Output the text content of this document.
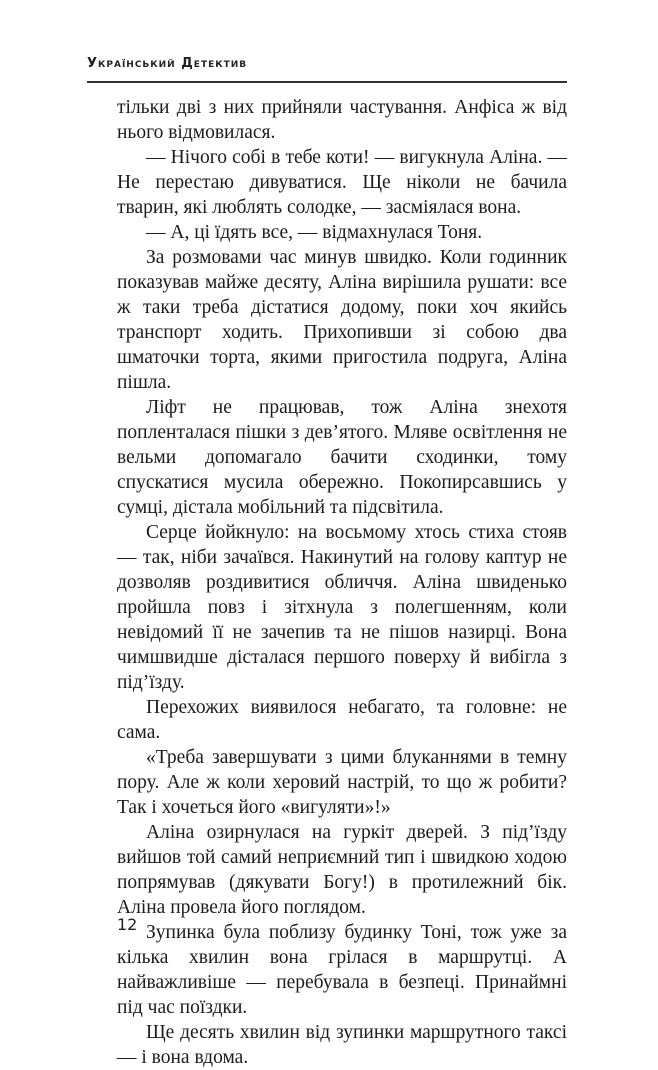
Український Детектив

тільки дві з них прийняли частування. Анфіса ж від нього відмовилася.

— Нічого собі в тебе коти! — вигукнула Аліна. — Не перестаю дивуватися. Ще ніколи не бачила тварин, які люблять солодке, — засміялася вона.

— А, ці їдять все, — відмахнулася Тоня.

За розмовами час минув швидко. Коли годинник показував майже десяту, Аліна вирішила рушати: все ж таки треба дістатися додому, поки хоч якийсь транспорт ходить. Прихопивши зі собою два шматочки торта, якими пригостила подруга, Аліна пішла.

Ліфт не працював, тож Аліна знехотя попленталася пішки з дев’ятого. Мляве освітлення не вельми допомагало бачити сходинки, тому спускатися мусила обережно. Покопирсавшись у сумці, дістала мобільний та підсвітила.

Серце йойкнуло: на восьмому хтось стиха стояв — так, ніби зачаївся. Накинутий на голову каптур не дозволяв роздивитися обличчя. Аліна швиденько пройшла повз і зітхнула з полегшенням, коли невідомий її не зачепив та не пішов назирці. Вона чимшвидше дісталася першого поверху й вибігла з під’їзду.

Перехожих виявилося небагато, та головне: не сама.

«Треба завершувати з цими блуканнями в темну пору. Але ж коли херовий настрій, то що ж робити? Так і хочеться його «вигуляти»!»

Аліна озирнулася на гуркіт дверей. З під’їзду вийшов той самий неприємний тип і швидкою ходою попрямував (дякувати Богу!) в протилежний бік. Аліна провела його поглядом.

Зупинка була поблизу будинку Тоні, тож уже за кілька хвилин вона грілася в маршрутці. А найважливіше — перебувала в безпеці. Принаймні під час поїздки.

Ще десять хвилин від зупинки маршрутного таксі — і вона вдома.

12
